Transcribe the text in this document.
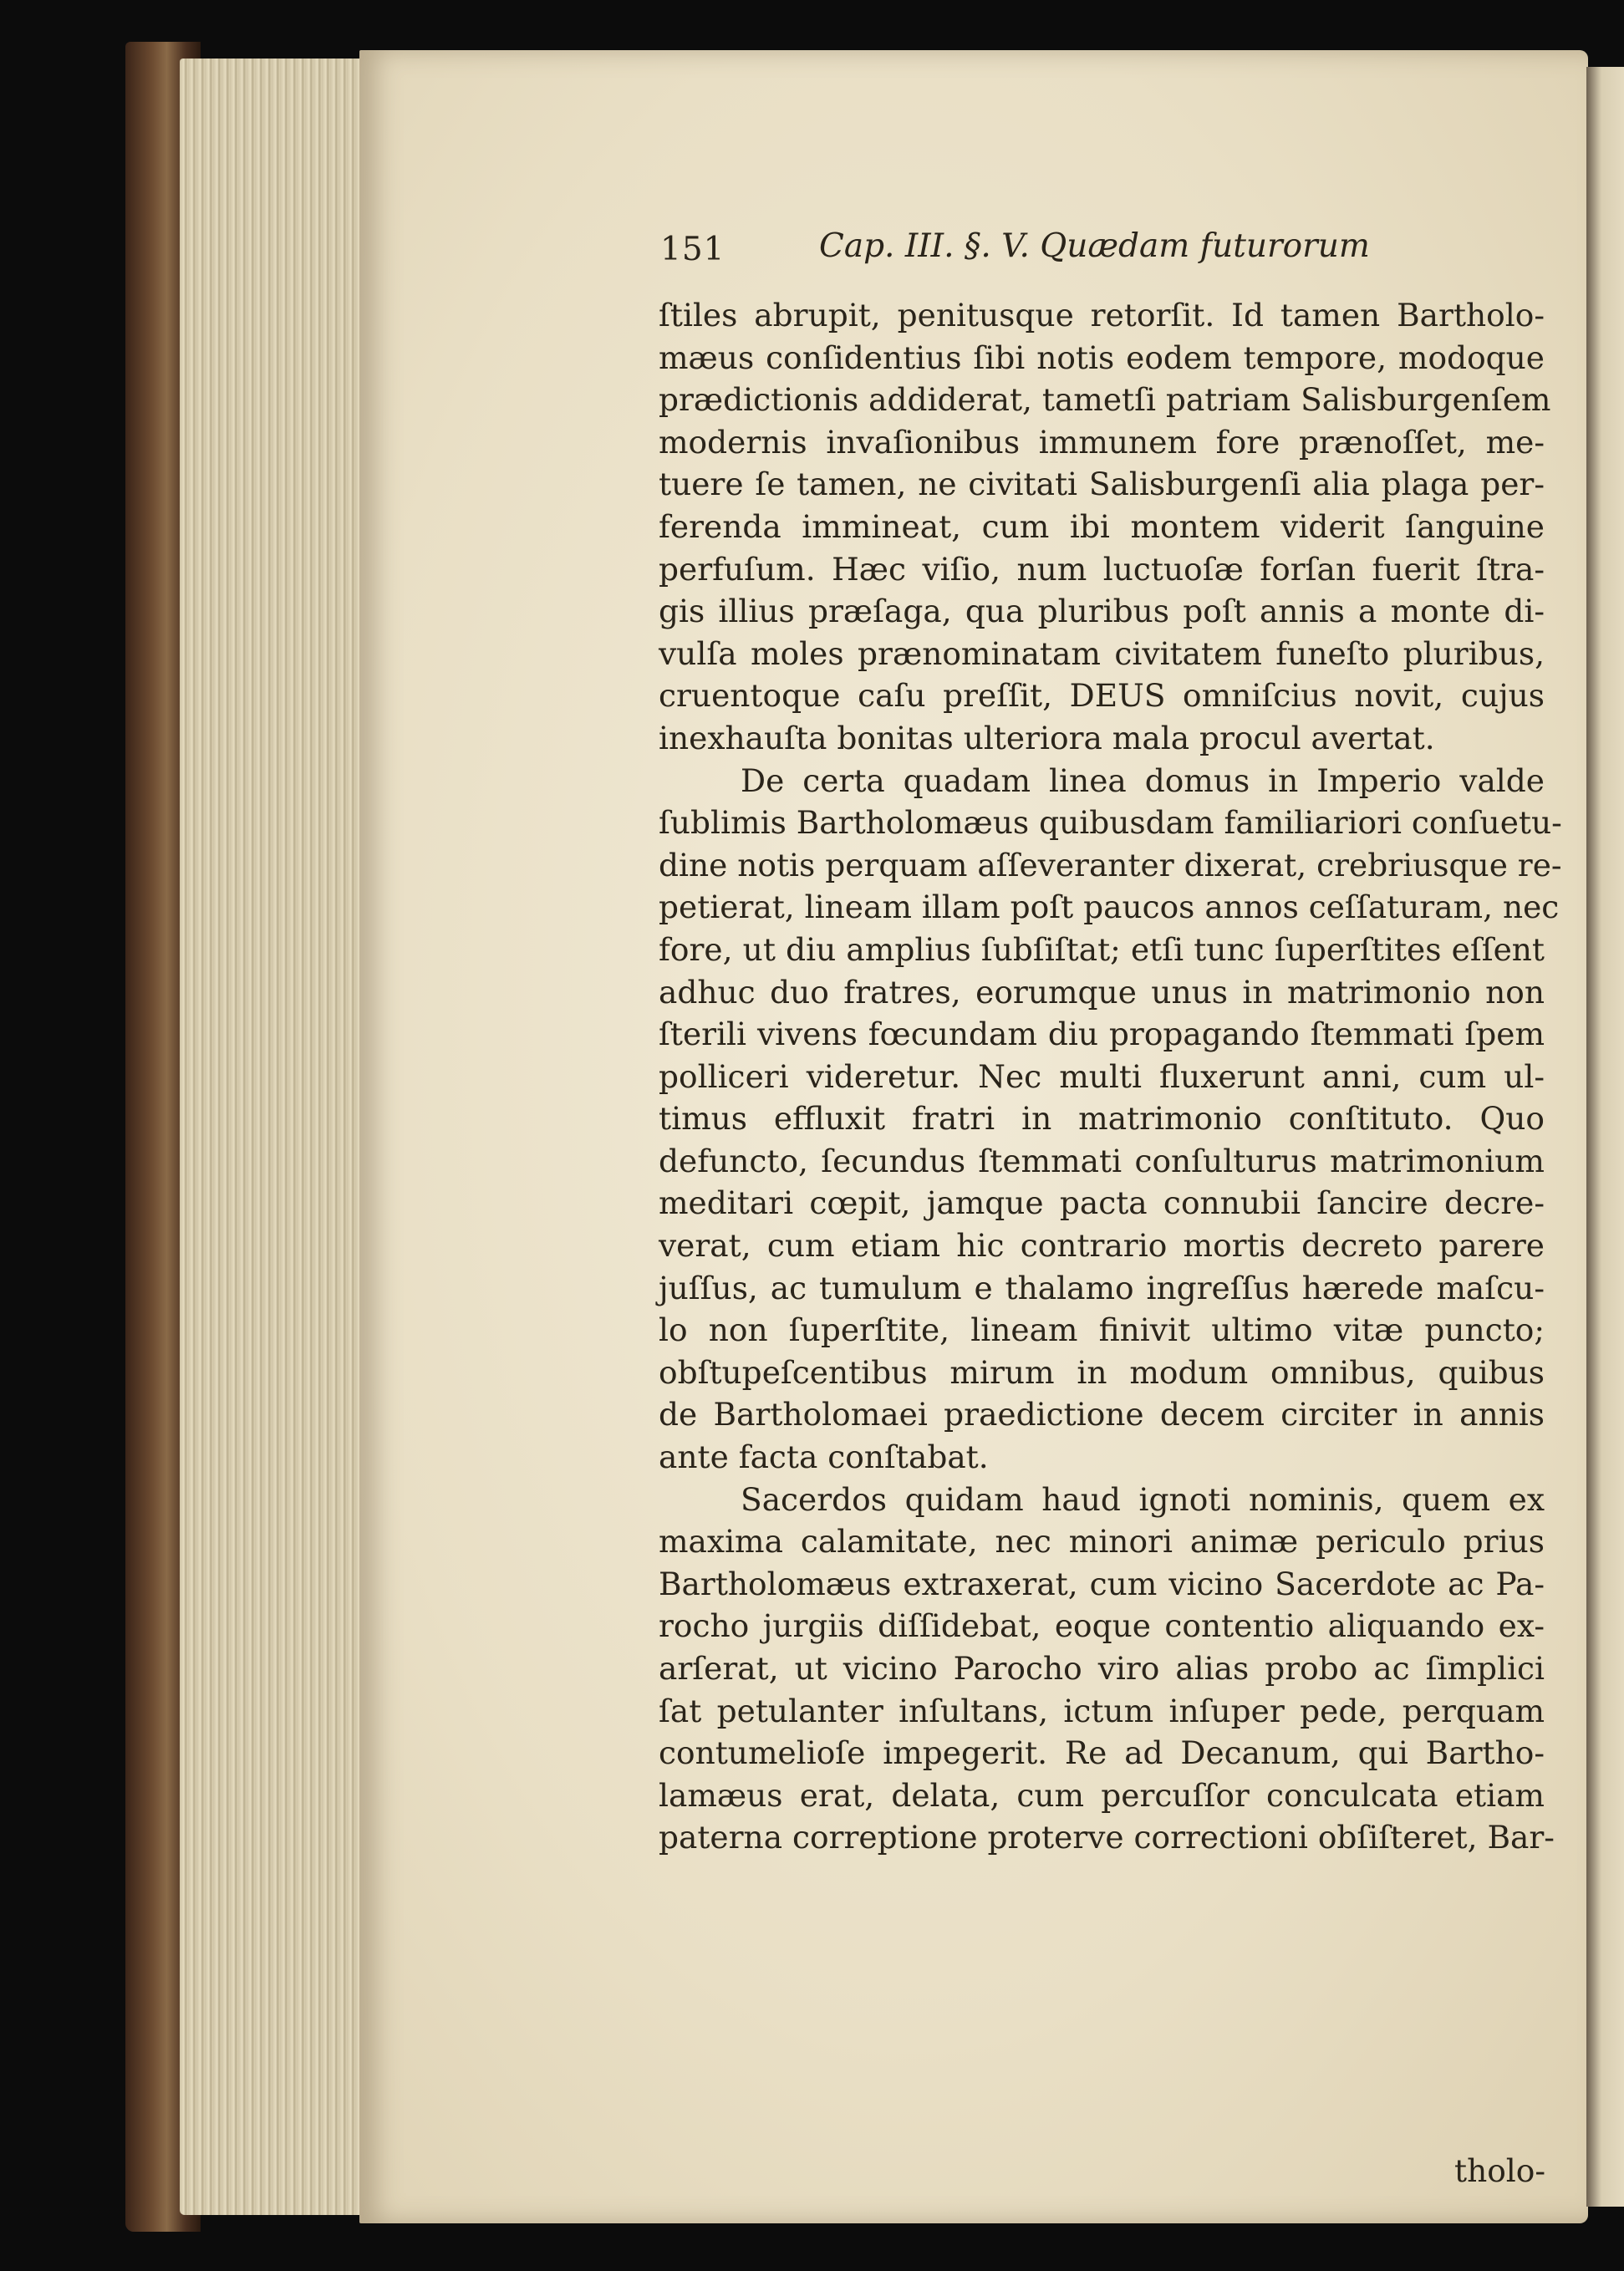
151	Cap. III. §. V. Quædam futurorum
ſtiles abrupit, penitusque retorſit. Id tamen Bartholo-
mæus conſidentius ſibi notis eodem tempore, modoque
prædictionis addiderat, tametſi patriam Salisburgenſem
modernis invaſionibus immunem fore prænoſſet, me-
tuere ſe tamen, ne civitati Salisburgenſi alia plaga per-
ferenda immineat, cum ibi montem viderit ſanguine
perfuſum. Hæc viſio, num luctuoſæ forſan fuerit ſtra-
gis illius præſaga, qua pluribus poſt annis a monte di-
vulſa moles prænominatam civitatem funeſto pluribus,
cruentoque caſu preſſit, DEUS omniſcius novit, cujus
inexhauſta bonitas ulteriora mala procul avertat.
De certa quadam linea domus in Imperio valde
ſublimis Bartholomæus quibusdam familiariori conſuetu-
dine notis perquam aſſeveranter dixerat, crebriusque re-
petierat, lineam illam poſt paucos annos ceſſaturam, nec
fore, ut diu amplius ſubſiſtat; etſi tunc ſuperſtites eſſent
adhuc duo fratres, eorumque unus in matrimonio non
ſterili vivens fœcundam diu propagando ſtemmati ſpem
polliceri videretur. Nec multi fluxerunt anni, cum ul-
timus effluxit fratri in matrimonio conſtituto. Quo
defuncto, ſecundus ſtemmati conſulturus matrimonium
meditari cœpit, jamque pacta connubii ſancire decre-
verat, cum etiam hic contrario mortis decreto parere
juſſus, ac tumulum e thalamo ingreſſus hærede maſcu-
lo non ſuperſtite, lineam finivit ultimo vitæ puncto;
obſtupeſcentibus mirum in modum omnibus, quibus
de Bartholomaei praedictione decem circiter in annis
ante facta conſtabat.
Sacerdos quidam haud ignoti nominis, quem ex
maxima calamitate, nec minori animæ periculo prius
Bartholomæus extraxerat, cum vicino Sacerdote ac Pa-
rocho jurgiis diſſidebat, eoque contentio aliquando ex-
arſerat, ut vicino Parocho viro alias probo ac ſimplici
ſat petulanter inſultans, ictum inſuper pede, perquam
contumelioſe impegerit. Re ad Decanum, qui Bartho-
lamæus erat, delata, cum percuſſor conculcata etiam
paterna correptione proterve correctioni obſiſteret, Bar-
tholo-
